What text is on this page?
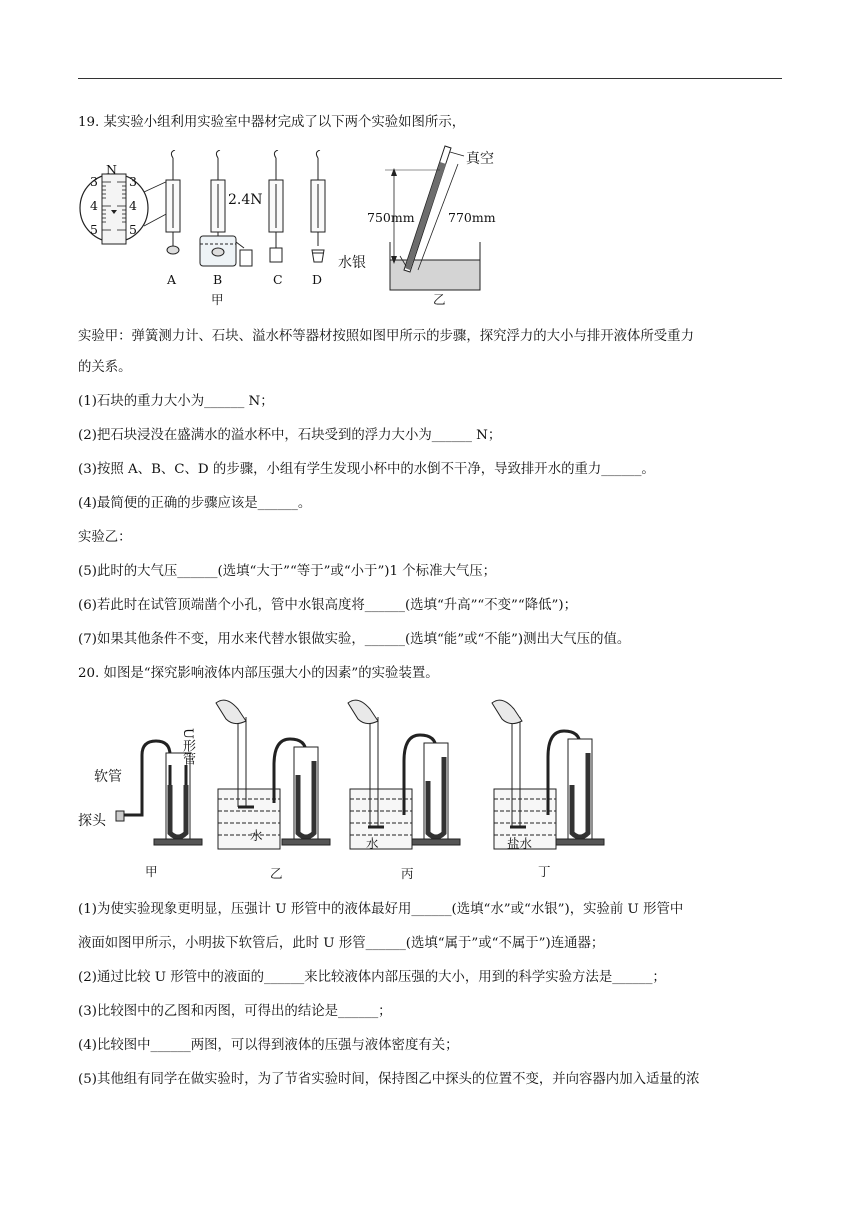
19. 某实验小组利用实验室中器材完成了以下两个实验如图所示，
N
3
4
5
3
4
5
2.4N
A	B	C D
甲
真空
750mm	770mm
水银
乙
实验甲：弹簧测力计、石块、溢水杯等器材按照如图甲所示的步骤，探究浮力的大小与排开液体所受重力
的关系。
(1)石块的重力大小为______ N；
(2)把石块浸没在盛满水的溢水杯中，石块受到的浮力大小为______ N；
(3)按照 A、B、C、D 的步骤，小组有学生发现小杯中的水倒不干净，导致排开水的重力______。
(4)最简便的正确的步骤应该是______。
实验乙：
(5)此时的大气压______(选填“大于”“等于”或“小于”)1 个标准大气压；
(6)若此时在试管顶端凿个小孔，管中水银高度将______(选填“升高”“不变”“降低”)；
(7)如果其他条件不变，用水来代替水银做实验，______(选填“能”或“不能”)测出大气压的值。
20. 如图是“探究影响液体内部压强大小的因素”的实验装置。
软管
探头
U形管
水
水	盐水
甲	乙	丙	丁
(1)为使实验现象更明显，压强计 U 形管中的液体最好用______(选填“水”或“水银”)，实验前 U 形管中
液面如图甲所示，小明拔下软管后，此时 U 形管______(选填“属于”或“不属于”)连通器；
(2)通过比较 U 形管中的液面的______来比较液体内部压强的大小，用到的科学实验方法是______；
(3)比较图中的乙图和丙图，可得出的结论是______；
(4)比较图中______两图，可以得到液体的压强与液体密度有关；
(5)其他组有同学在做实验时，为了节省实验时间，保持图乙中探头的位置不变，并向容器内加入适量的浓
